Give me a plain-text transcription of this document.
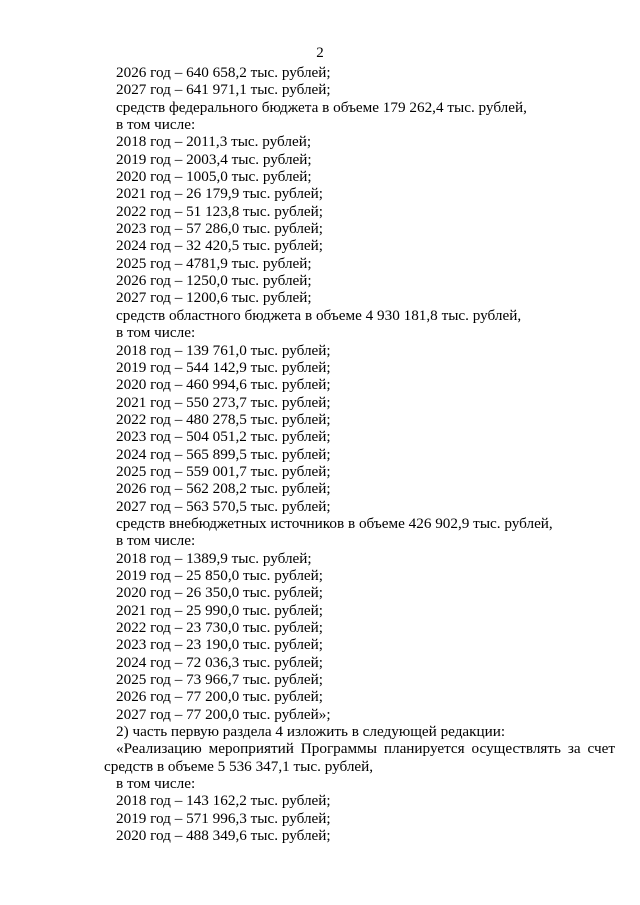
2
2026 год – 640 658,2 тыс. рублей;
2027 год – 641 971,1 тыс. рублей;
средств федерального бюджета в объеме 179 262,4 тыс. рублей,
в том числе:
2018 год – 2011,3 тыс. рублей;
2019 год – 2003,4 тыс. рублей;
2020 год – 1005,0 тыс. рублей;
2021 год – 26 179,9 тыс. рублей;
2022 год – 51 123,8 тыс. рублей;
2023 год – 57 286,0 тыс. рублей;
2024 год – 32 420,5 тыс. рублей;
2025 год – 4781,9 тыс. рублей;
2026 год – 1250,0 тыс. рублей;
2027 год – 1200,6 тыс. рублей;
средств областного бюджета в объеме 4 930 181,8 тыс. рублей,
в том числе:
2018 год – 139 761,0 тыс. рублей;
2019 год – 544 142,9 тыс. рублей;
2020 год – 460 994,6 тыс. рублей;
2021 год – 550 273,7 тыс. рублей;
2022 год – 480 278,5 тыс. рублей;
2023 год – 504 051,2 тыс. рублей;
2024 год – 565 899,5 тыс. рублей;
2025 год – 559 001,7 тыс. рублей;
2026 год – 562 208,2 тыс. рублей;
2027 год – 563 570,5 тыс. рублей;
средств внебюджетных источников в объеме 426 902,9 тыс. рублей,
в том числе:
2018 год – 1389,9 тыс. рублей;
2019 год – 25 850,0 тыс. рублей;
2020 год – 26 350,0 тыс. рублей;
2021 год – 25 990,0 тыс. рублей;
2022 год – 23 730,0 тыс. рублей;
2023 год – 23 190,0 тыс. рублей;
2024 год – 72 036,3 тыс. рублей;
2025 год – 73 966,7 тыс. рублей;
2026 год – 77 200,0 тыс. рублей;
2027 год – 77 200,0 тыс. рублей»;
2) часть первую раздела 4 изложить в следующей редакции:
«Реализацию мероприятий Программы планируется осуществлять за счет
средств в объеме 5 536 347,1 тыс. рублей,
в том числе:
2018 год – 143 162,2 тыс. рублей;
2019 год – 571 996,3 тыс. рублей;
2020 год – 488 349,6 тыс. рублей;
